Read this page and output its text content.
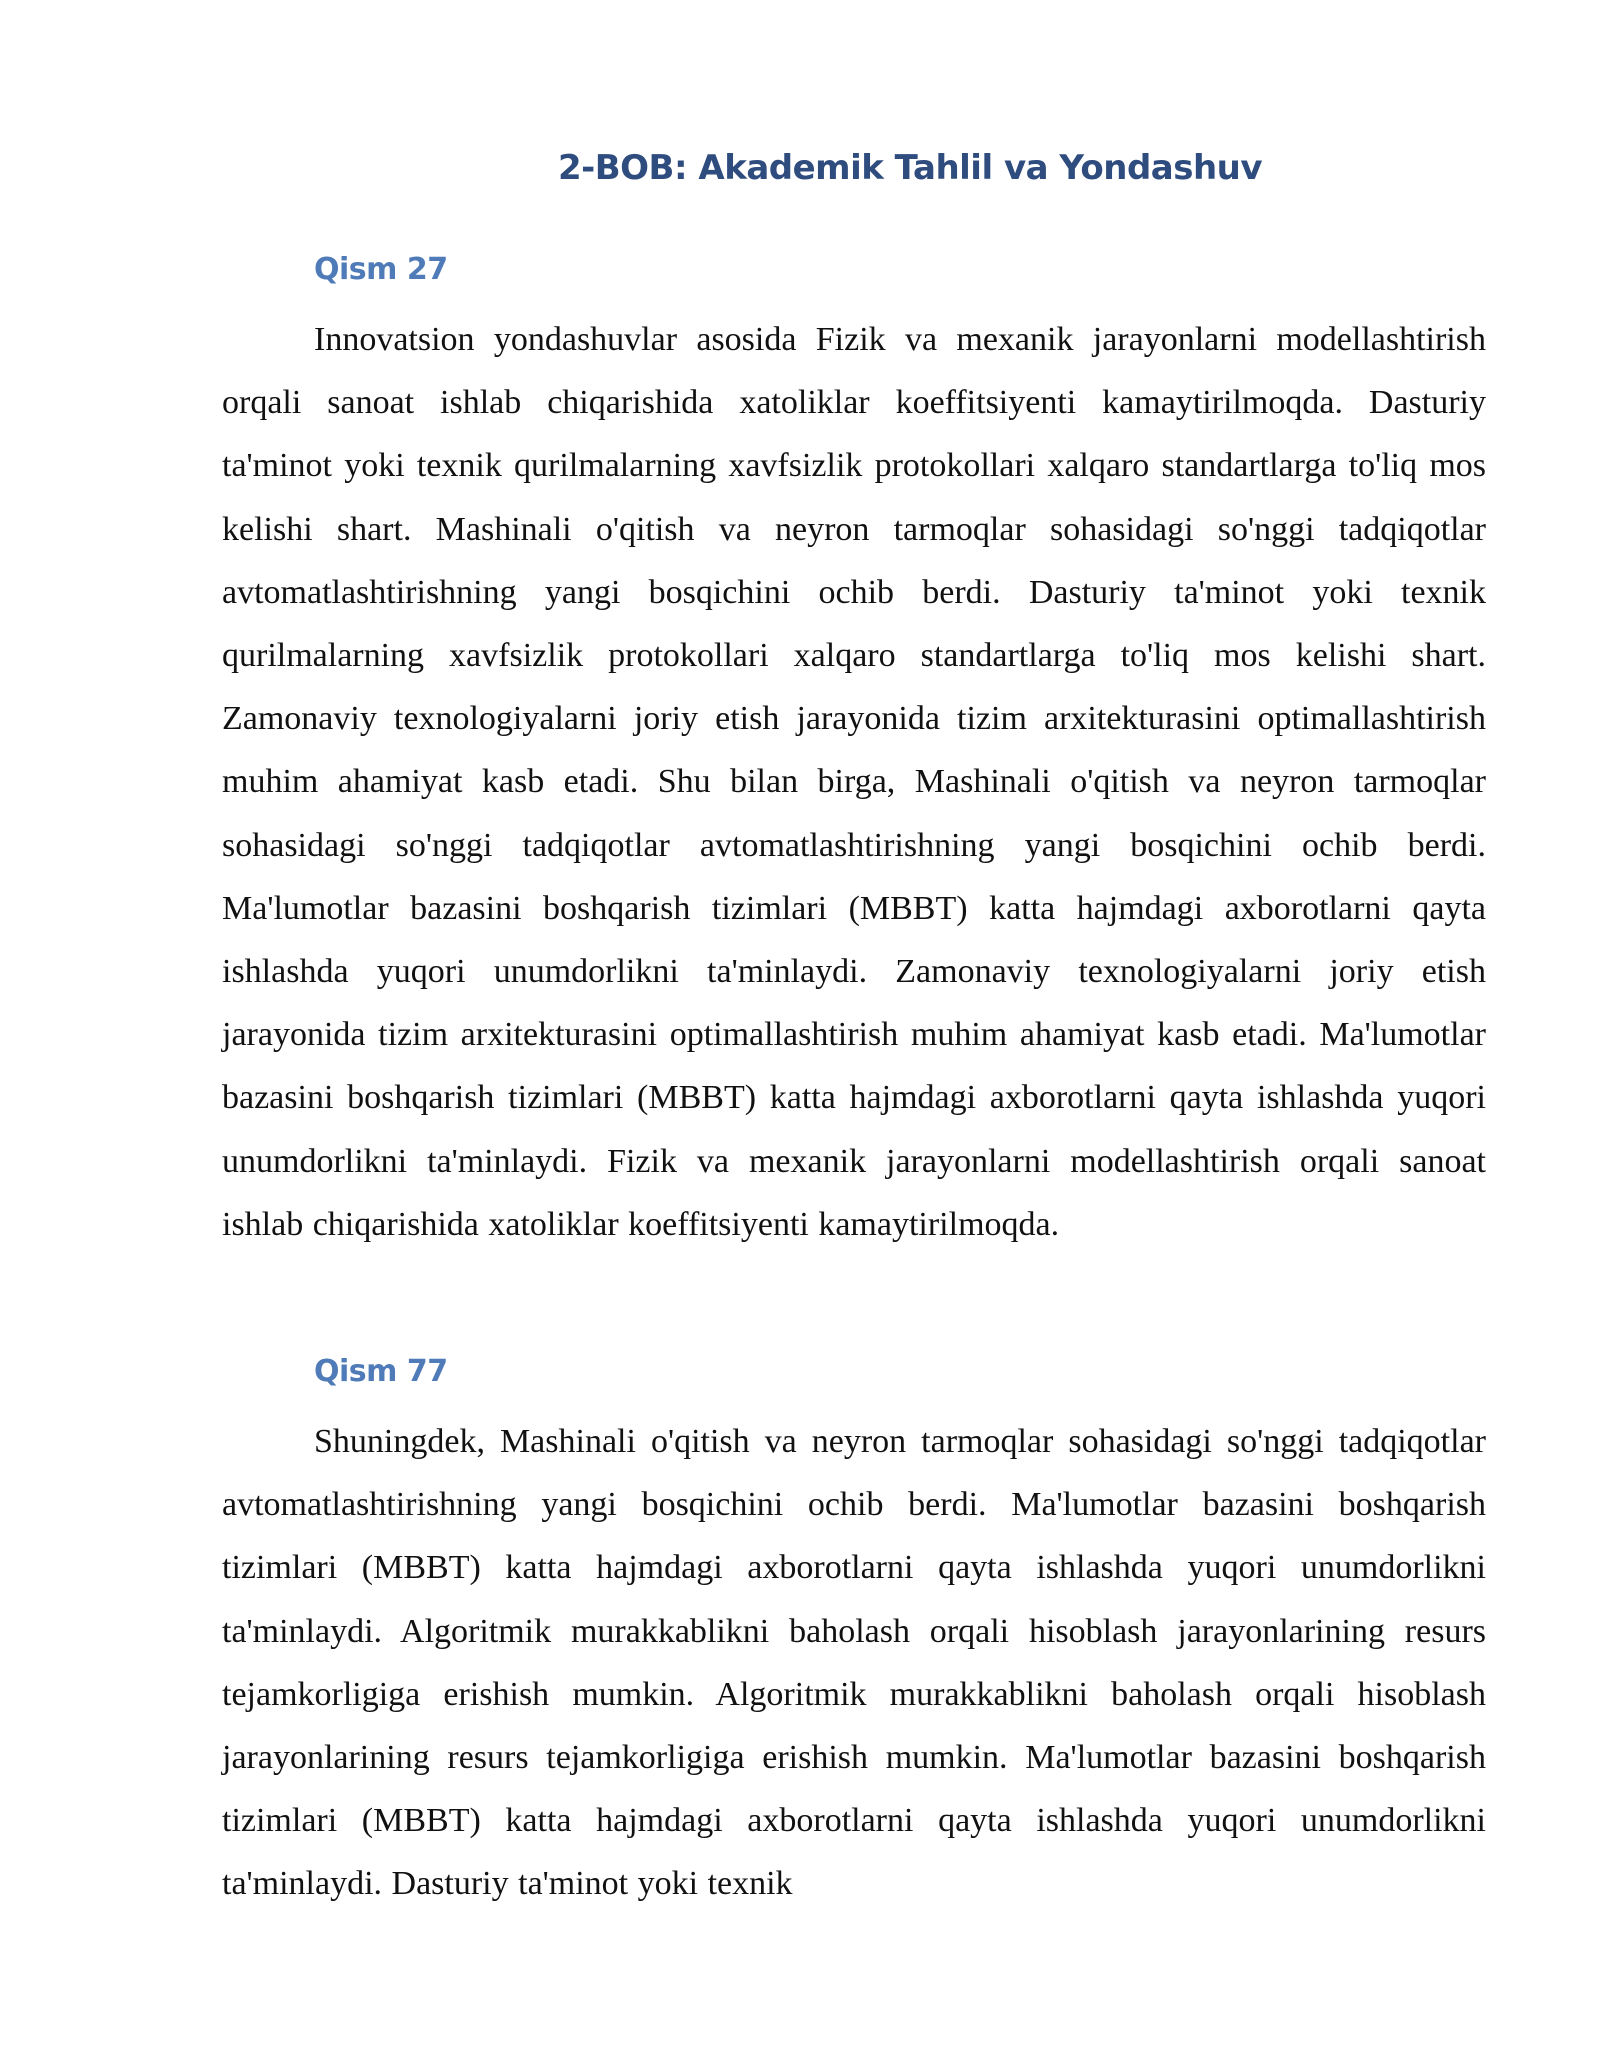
2-BOB: Akademik Tahlil va Yondashuv
Qism 27

Innovatsion yondashuvlar asosida Fizik va mexanik jarayonlarni modellashtirish orqali sanoat ishlab chiqarishida xatoliklar koeffitsiyenti kamaytirilmoqda. Dasturiy ta'minot yoki texnik qurilmalarning xavfsizlik protokollari xalqaro standartlarga to'liq mos kelishi shart. Mashinali o'qitish va neyron tarmoqlar sohasidagi so'nggi tadqiqotlar avtomatlashtirishning yangi bosqichini ochib berdi. Dasturiy ta'minot yoki texnik qurilmalarning xavfsizlik protokollari xalqaro standartlarga to'liq mos kelishi shart. Zamonaviy texnologiyalarni joriy etish jarayonida tizim arxitekturasini optimallashtirish muhim ahamiyat kasb etadi. Shu bilan birga, Mashinali o'qitish va neyron tarmoqlar sohasidagi so'nggi tadqiqotlar avtomatlashtirishning yangi bosqichini ochib berdi. Ma'lumotlar bazasini boshqarish tizimlari (MBBT) katta hajmdagi axborotlarni qayta ishlashda yuqori unumdorlikni ta'minlaydi. Zamonaviy texnologiyalarni joriy etish jarayonida tizim arxitekturasini optimallashtirish muhim ahamiyat kasb etadi. Ma'lumotlar bazasini boshqarish tizimlari (MBBT) katta hajmdagi axborotlarni qayta ishlashda yuqori unumdorlikni ta'minlaydi. Fizik va mexanik jarayonlarni modellashtirish orqali sanoat ishlab chiqarishida xatoliklar koeffitsiyenti kamaytirilmoqda.

Qism 77

Shuningdek, Mashinali o'qitish va neyron tarmoqlar sohasidagi so'nggi tadqiqotlar avtomatlashtirishning yangi bosqichini ochib berdi. Ma'lumotlar bazasini boshqarish tizimlari (MBBT) katta hajmdagi axborotlarni qayta ishlashda yuqori unumdorlikni ta'minlaydi. Algoritmik murakkablikni baholash orqali hisoblash jarayonlarining resurs tejamkorligiga erishish mumkin. Algoritmik murakkablikni baholash orqali hisoblash jarayonlarining resurs tejamkorligiga erishish mumkin. Ma'lumotlar bazasini boshqarish tizimlari (MBBT) katta hajmdagi axborotlarni qayta ishlashda yuqori unumdorlikni ta'minlaydi. Dasturiy ta'minot yoki texnik
